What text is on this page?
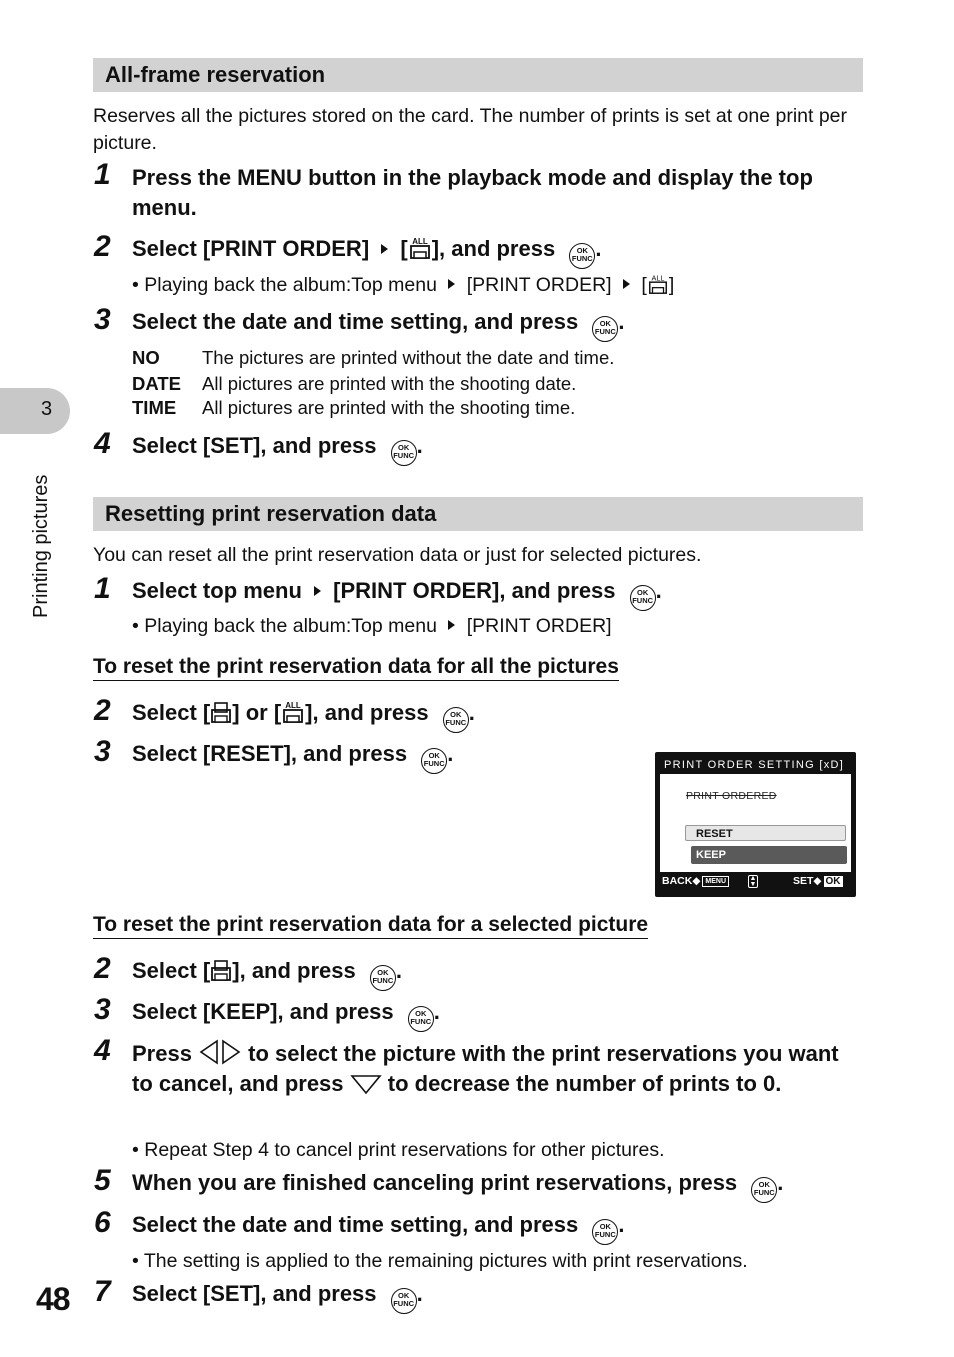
All-frame reservation
Reserves all the pictures stored on the card. The number of prints is set at one print per picture.
1 Press the MENU button in the playback mode and display the top menu.
2 Select [PRINT ORDER]  [ ALL ], and press	OK
FUNC .
• Playing back the album:Top menu  [PRINT ORDER]  [ ALL ]
3 Select the date and time setting, and press	OK
FUNC .
NO The pictures are printed without the date and time.
DATE All pictures are printed with the shooting date.
TIME All pictures are printed with the shooting time.
4 Select [SET], and press	OK
FUNC .
Resetting print reservation data
You can reset all the print reservation data or just for selected pictures.
1 Select top menu  [PRINT ORDER], and press	OK
FUNC .
• Playing back the album:Top menu  [PRINT ORDER]
To reset the print reservation data for all the pictures
2 Select [ ] or [ ALL ], and press	OK
FUNC .
3 Select [RESET], and press	OK
FUNC .	PRINT ORDER SETTING [xD]
PRINT ORDERED
RESET
KEEP
BACK◆ MENU	▲
▼	SET◆ OK
To reset the print reservation data for a selected picture
2 Select [ ], and press	OK
FUNC .
3 Select [KEEP], and press	OK
FUNC .
4 Press
to select the picture with the print reservations you want to cancel, and press
to decrease the number of prints to 0.
• Repeat Step 4 to cancel print reservations for other pictures.
5 When you are finished canceling print reservations, press	OK
FUNC .
6 Select the date and time setting, and press	OK
FUNC .
• The setting is applied to the remaining pictures with print reservations.
7 Select [SET], and press	OK
FUNC .
3
Printing pictures
48
